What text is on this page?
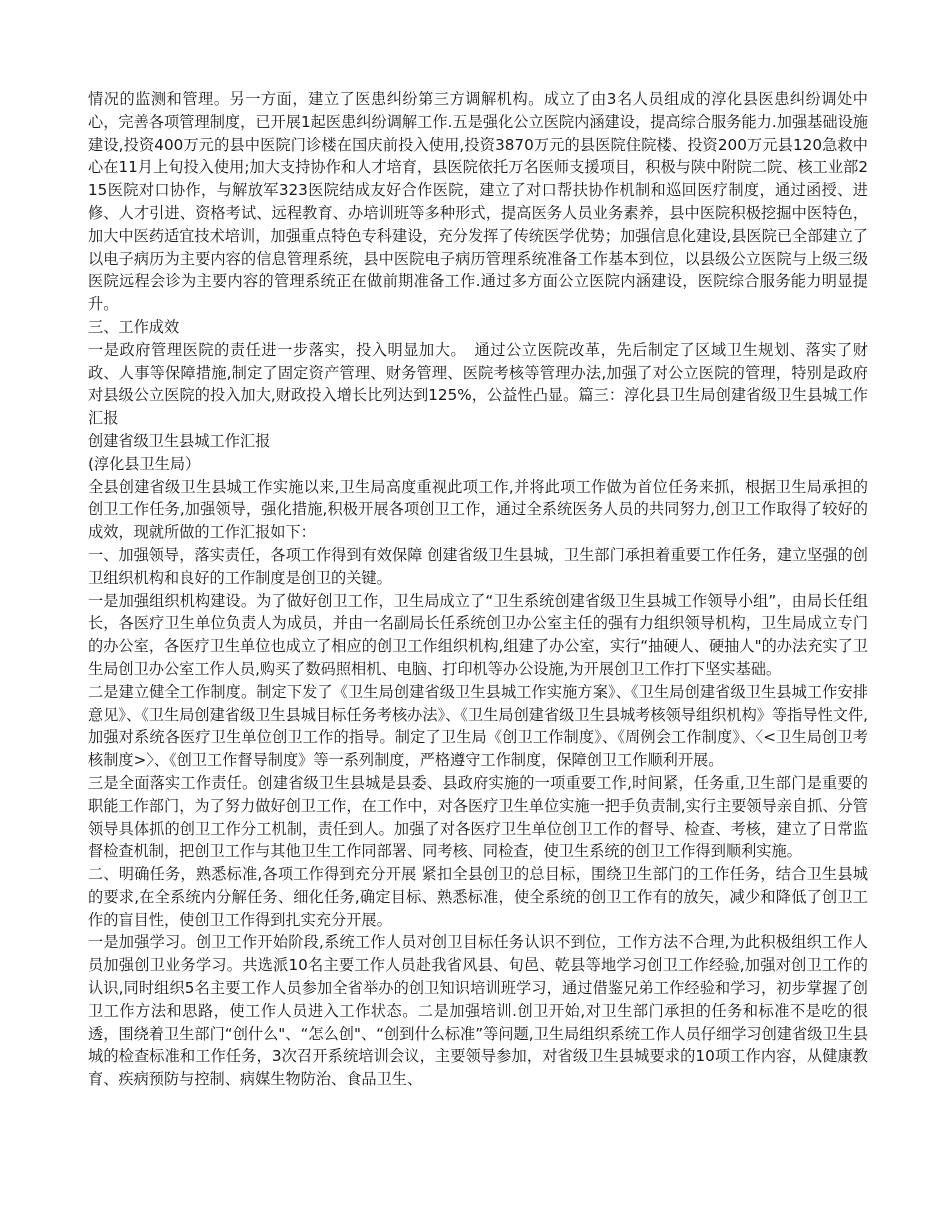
情况的监测和管理。另一方面，建立了医患纠纷第三方调解机构。成立了由3名人员组成的淳化县医患纠纷调处中心，完善各项管理制度，已开展1起医患纠纷调解工作.五是强化公立医院内涵建设，提高综合服务能力.加强基础设施建设,投资400万元的县中医院门诊楼在国庆前投入使用,投资3870万元的县医院住院楼、投资200万元县120急救中心在11月上旬投入使用;加大支持协作和人才培育，县医院依托万名医师支援项目，积极与陕中附院二院、核工业部215医院对口协作，与解放军323医院结成友好合作医院，建立了对口帮扶协作机制和巡回医疗制度，通过函授、进修、人才引进、资格考试、远程教育、办培训班等多种形式，提高医务人员业务素养，县中医院积极挖掘中医特色，加大中医药适宜技术培训，加强重点特色专科建设，充分发挥了传统医学优势；加强信息化建设,县医院已全部建立了以电子病历为主要内容的信息管理系统，县中医院电子病历管理系统准备工作基本到位，以县级公立医院与上级三级医院远程会诊为主要内容的管理系统正在做前期准备工作.通过多方面公立医院内涵建设，医院综合服务能力明显提升。

三、工作成效

一是政府管理医院的责任进一步落实，投入明显加大。　通过公立医院改革，先后制定了区域卫生规划、落实了财政、人事等保障措施,制定了固定资产管理、财务管理、医院考核等管理办法,加强了对公立医院的管理，特别是政府对县级公立医院的投入加大,财政投入增长比列达到125%，公益性凸显。篇三：淳化县卫生局创建省级卫生县城工作汇报

创建省级卫生县城工作汇报

(淳化县卫生局）

全县创建省级卫生县城工作实施以来,卫生局高度重视此项工作,并将此项工作做为首位任务来抓，根据卫生局承担的创卫工作任务,加强领导，强化措施,积极开展各项创卫工作，通过全系统医务人员的共同努力,创卫工作取得了较好的成效，现就所做的工作汇报如下：

一、加强领导，落实责任，各项工作得到有效保障 创建省级卫生县城，卫生部门承担着重要工作任务，建立坚强的创卫组织机构和良好的工作制度是创卫的关键。

一是加强组织机构建设。为了做好创卫工作，卫生局成立了“卫生系统创建省级卫生县城工作领导小组”，由局长任组长，各医疗卫生单位负责人为成员，并由一名副局长任系统创卫办公室主任的强有力组织领导机构，卫生局成立专门的办公室，各医疗卫生单位也成立了相应的创卫工作组织机构,组建了办公室，实行“抽硬人、硬抽人"的办法充实了卫生局创卫办公室工作人员,购买了数码照相机、电脑、打印机等办公设施,为开展创卫工作打下坚实基础。

二是建立健全工作制度。制定下发了《卫生局创建省级卫生县城工作实施方案》、《卫生局创建省级卫生县城工作安排意见》、《卫生局创建省级卫生县城目标任务考核办法》、《卫生局创建省级卫生县城考核领导组织机构》等指导性文件,加强对系统各医疗卫生单位创卫工作的指导。制定了卫生局《创卫工作制度》、《周例会工作制度》、〈<卫生局创卫考核制度>〉、《创卫工作督导制度》等一系列制度，严格遵守工作制度，保障创卫工作顺利开展。

三是全面落实工作责任。创建省级卫生县城是县委、县政府实施的一项重要工作,时间紧，任务重,卫生部门是重要的职能工作部门，为了努力做好创卫工作，在工作中，对各医疗卫生单位实施一把手负责制,实行主要领导亲自抓、分管领导具体抓的创卫工作分工机制，责任到人。加强了对各医疗卫生单位创卫工作的督导、检查、考核，建立了日常监督检查机制，把创卫工作与其他卫生工作同部署、同考核、同检查，使卫生系统的创卫工作得到顺利实施。

二、明确任务，熟悉标准,各项工作得到充分开展 紧扣全县创卫的总目标，围绕卫生部门的工作任务，结合卫生县城的要求,在全系统内分解任务、细化任务,确定目标、熟悉标准，使全系统的创卫工作有的放矢，减少和降低了创卫工作的盲目性，使创卫工作得到扎实充分开展。

一是加强学习。创卫工作开始阶段,系统工作人员对创卫目标任务认识不到位，工作方法不合理,为此积极组织工作人员加强创卫业务学习。共选派10名主要工作人员赴我省风县、旬邑、乾县等地学习创卫工作经验,加强对创卫工作的认识,同时组织5名主要工作人员参加全省举办的创卫知识培训班学习，通过借鉴兄弟工作经验和学习，初步掌握了创卫工作方法和思路，使工作人员进入工作状态。二是加强培训.创卫开始,对卫生部门承担的任务和标准不是吃的很透，围绕着卫生部门“创什么"、“怎么创"、“创到什么标准”等问题,卫生局组织系统工作人员仔细学习创建省级卫生县城的检查标准和工作任务，3次召开系统培训会议，主要领导参加，对省级卫生县城要求的10项工作内容，从健康教育、疾病预防与控制、病媒生物防治、食品卫生、
